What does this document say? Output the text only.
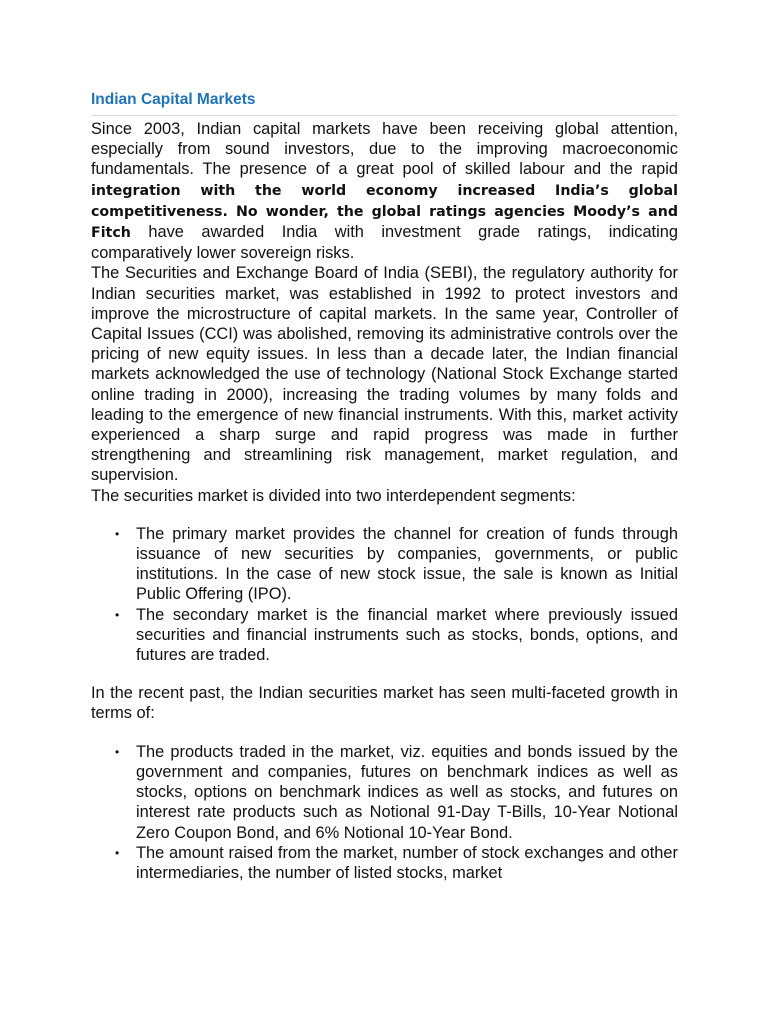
Indian Capital Markets

Since 2003, Indian capital markets have been receiving global attention, especially from sound investors, due to the improving macroeconomic fundamentals. The presence of a great pool of skilled labour and the rapid integration with the world economy increased India’s global competitiveness. No wonder, the global ratings agencies Moody’s and Fitch have awarded India with investment grade ratings, indicating comparatively lower sovereign risks.

The Securities and Exchange Board of India (SEBI), the regulatory authority for Indian securities market, was established in 1992 to protect investors and improve the microstructure of capital markets. In the same year, Controller of Capital Issues (CCI) was abolished, removing its administrative controls over the pricing of new equity issues. In less than a decade later, the Indian financial markets acknowledged the use of technology (National Stock Exchange started online trading in 2000), increasing the trading volumes by many folds and leading to the emergence of new financial instruments. With this, market activity experienced a sharp surge and rapid progress was made in further strengthening and streamlining risk management, market regulation, and supervision.

The securities market is divided into two interdependent segments:

• The primary market provides the channel for creation of funds through issuance of new securities by companies, governments, or public institutions. In the case of new stock issue, the sale is known as Initial Public Offering (IPO).
• The secondary market is the financial market where previously issued securities and financial instruments such as stocks, bonds, options, and futures are traded.

In the recent past, the Indian securities market has seen multi-faceted growth in terms of:

• The products traded in the market, viz. equities and bonds issued by the government and companies, futures on benchmark indices as well as stocks, options on benchmark indices as well as stocks, and futures on interest rate products such as Notional 91-Day T-Bills, 10-Year Notional Zero Coupon Bond, and 6% Notional 10-Year Bond.
• The amount raised from the market, number of stock exchanges and other intermediaries, the number of listed stocks, market
